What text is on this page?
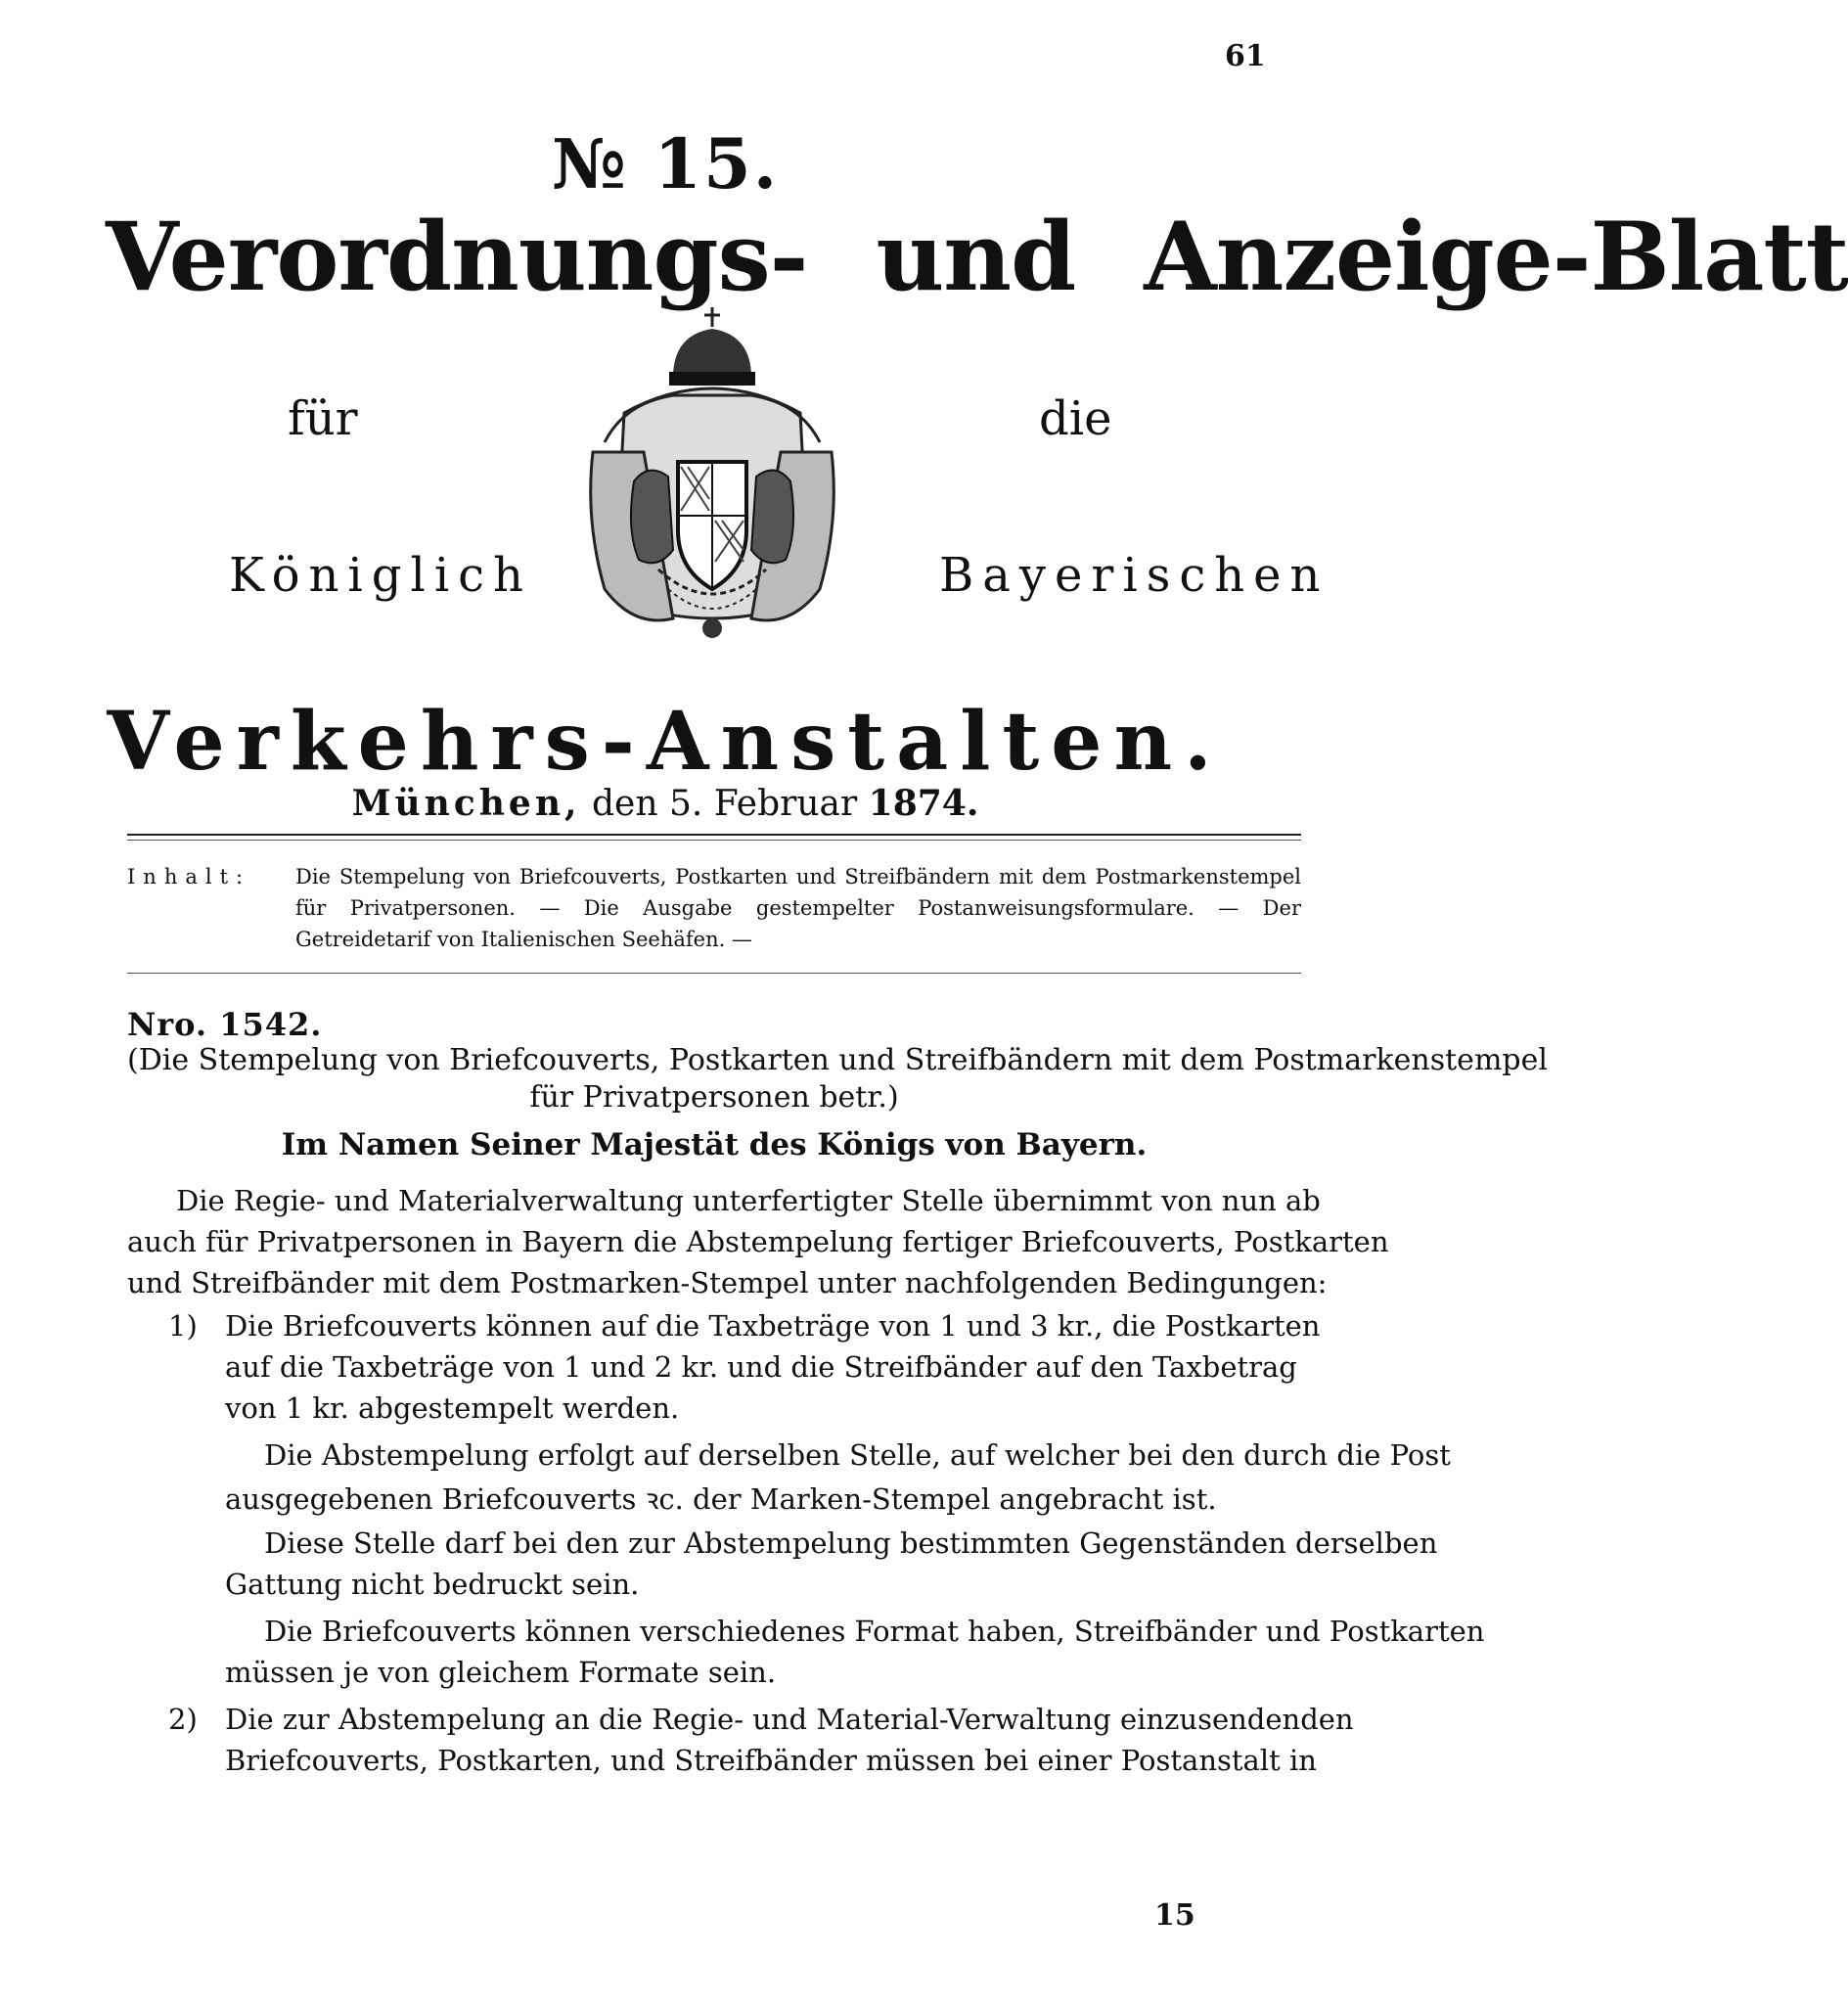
61
№ 15.
Verordnungs- und Anzeige-Blatt
für	die
Königlich	Bayerischen
Verkehrs-Anstalten.
München, den 5. Februar 1874.
Inhalt: Die Stempelung von Briefcouverts, Postkarten und Streifbändern mit dem Postmarkenstempel für Privatpersonen. — Die Ausgabe gestempelter Postanweisungsformulare. — Der Getreidetarif von Italienischen Seehäfen. —
Nro. 1542.
(Die Stempelung von Briefcouverts, Postkarten und Streifbändern mit dem Postmarkenstempel
für Privatpersonen betr.)
Im Namen Seiner Majestät des Königs von Bayern.
Die Regie- und Materialverwaltung unterfertigter Stelle übernimmt von nun ab
auch für Privatpersonen in Bayern die Abstempelung fertiger Briefcouverts, Postkarten
und Streifbänder mit dem Postmarken-Stempel unter nachfolgenden Bedingungen:
1) Die Briefcouverts können auf die Taxbeträge von 1 und 3 kr., die Postkarten
auf die Taxbeträge von 1 und 2 kr. und die Streifbänder auf den Taxbetrag
von 1 kr. abgestempelt werden.
Die Abstempelung erfolgt auf derselben Stelle, auf welcher bei den durch die Post
ausgegebenen Briefcouverts ꝛc. der Marken-Stempel angebracht ist.
Diese Stelle darf bei den zur Abstempelung bestimmten Gegenständen derselben
Gattung nicht bedruckt sein.
Die Briefcouverts können verschiedenes Format haben, Streifbänder und Postkarten
müssen je von gleichem Formate sein.
2) Die zur Abstempelung an die Regie- und Material-Verwaltung einzusendenden
Briefcouverts, Postkarten, und Streifbänder müssen bei einer Postanstalt in
15
